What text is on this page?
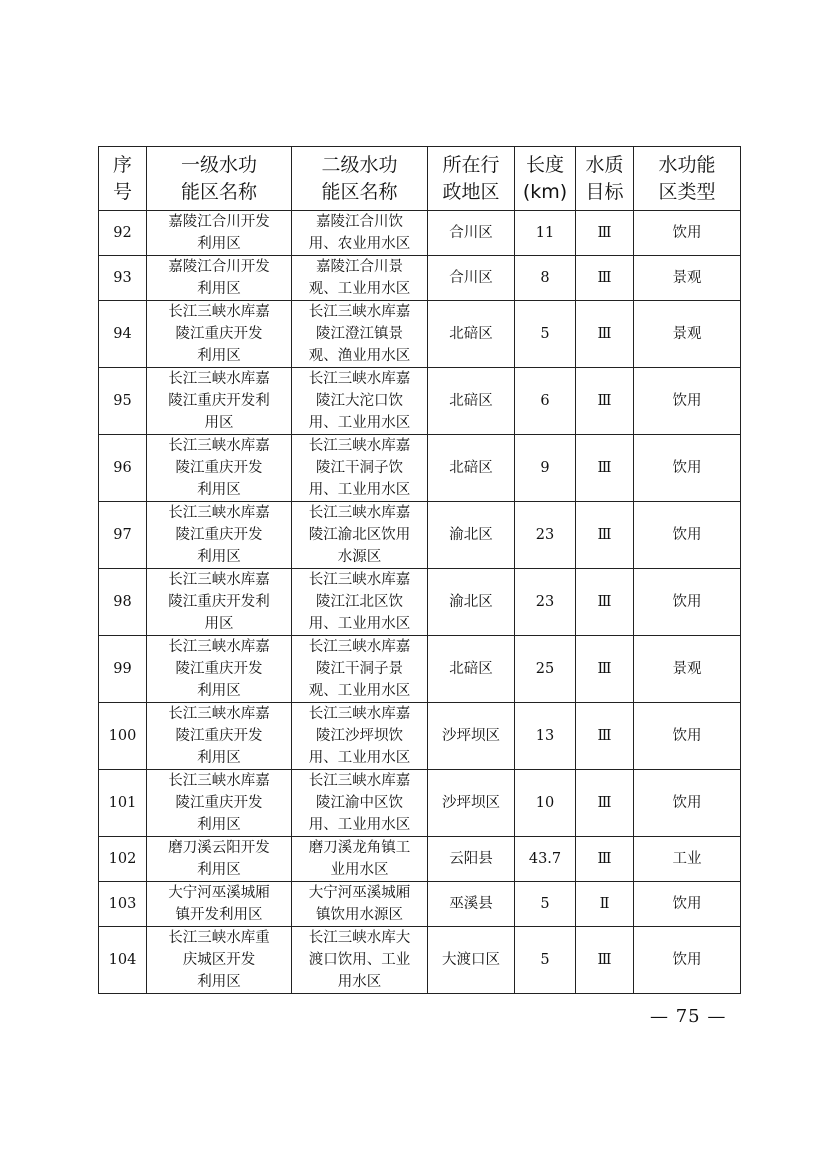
序
号	一级水功
能区名称	二级水功
能区名称	所在行
政地区	长度
(km)	水质
目标	水功能
区类型

92	嘉陵江合川开发
利用区	嘉陵江合川饮
用、农业用水区	合川区	11	Ⅲ	饮用
93	嘉陵江合川开发
利用区	嘉陵江合川景
观、工业用水区	合川区	8	Ⅲ	景观
94	长江三峡水库嘉
陵江重庆开发
利用区	长江三峡水库嘉
陵江澄江镇景
观、渔业用水区	北碚区	5	Ⅲ	景观
95	长江三峡水库嘉
陵江重庆开发利
用区	长江三峡水库嘉
陵江大沱口饮
用、工业用水区	北碚区	6	Ⅲ	饮用
96	长江三峡水库嘉
陵江重庆开发
利用区	长江三峡水库嘉
陵江干洞子饮
用、工业用水区	北碚区	9	Ⅲ	饮用
97	长江三峡水库嘉
陵江重庆开发
利用区	长江三峡水库嘉
陵江渝北区饮用
水源区	渝北区	23	Ⅲ	饮用
98	长江三峡水库嘉
陵江重庆开发利
用区	长江三峡水库嘉
陵江江北区饮
用、工业用水区	渝北区	23	Ⅲ	饮用
99	长江三峡水库嘉
陵江重庆开发
利用区	长江三峡水库嘉
陵江干洞子景
观、工业用水区	北碚区	25	Ⅲ	景观
100	长江三峡水库嘉
陵江重庆开发
利用区	长江三峡水库嘉
陵江沙坪坝饮
用、工业用水区	沙坪坝区	13	Ⅲ	饮用
101	长江三峡水库嘉
陵江重庆开发
利用区	长江三峡水库嘉
陵江渝中区饮
用、工业用水区	沙坪坝区	10	Ⅲ	饮用
102	磨刀溪云阳开发
利用区	磨刀溪龙角镇工
业用水区	云阳县	43.7	Ⅲ	工业
103	大宁河巫溪城厢
镇开发利用区	大宁河巫溪城厢
镇饮用水源区	巫溪县	5	Ⅱ	饮用
104	长江三峡水库重
庆城区开发
利用区	长江三峡水库大
渡口饮用、工业
用水区	大渡口区	5	Ⅲ	饮用
— 75 —
